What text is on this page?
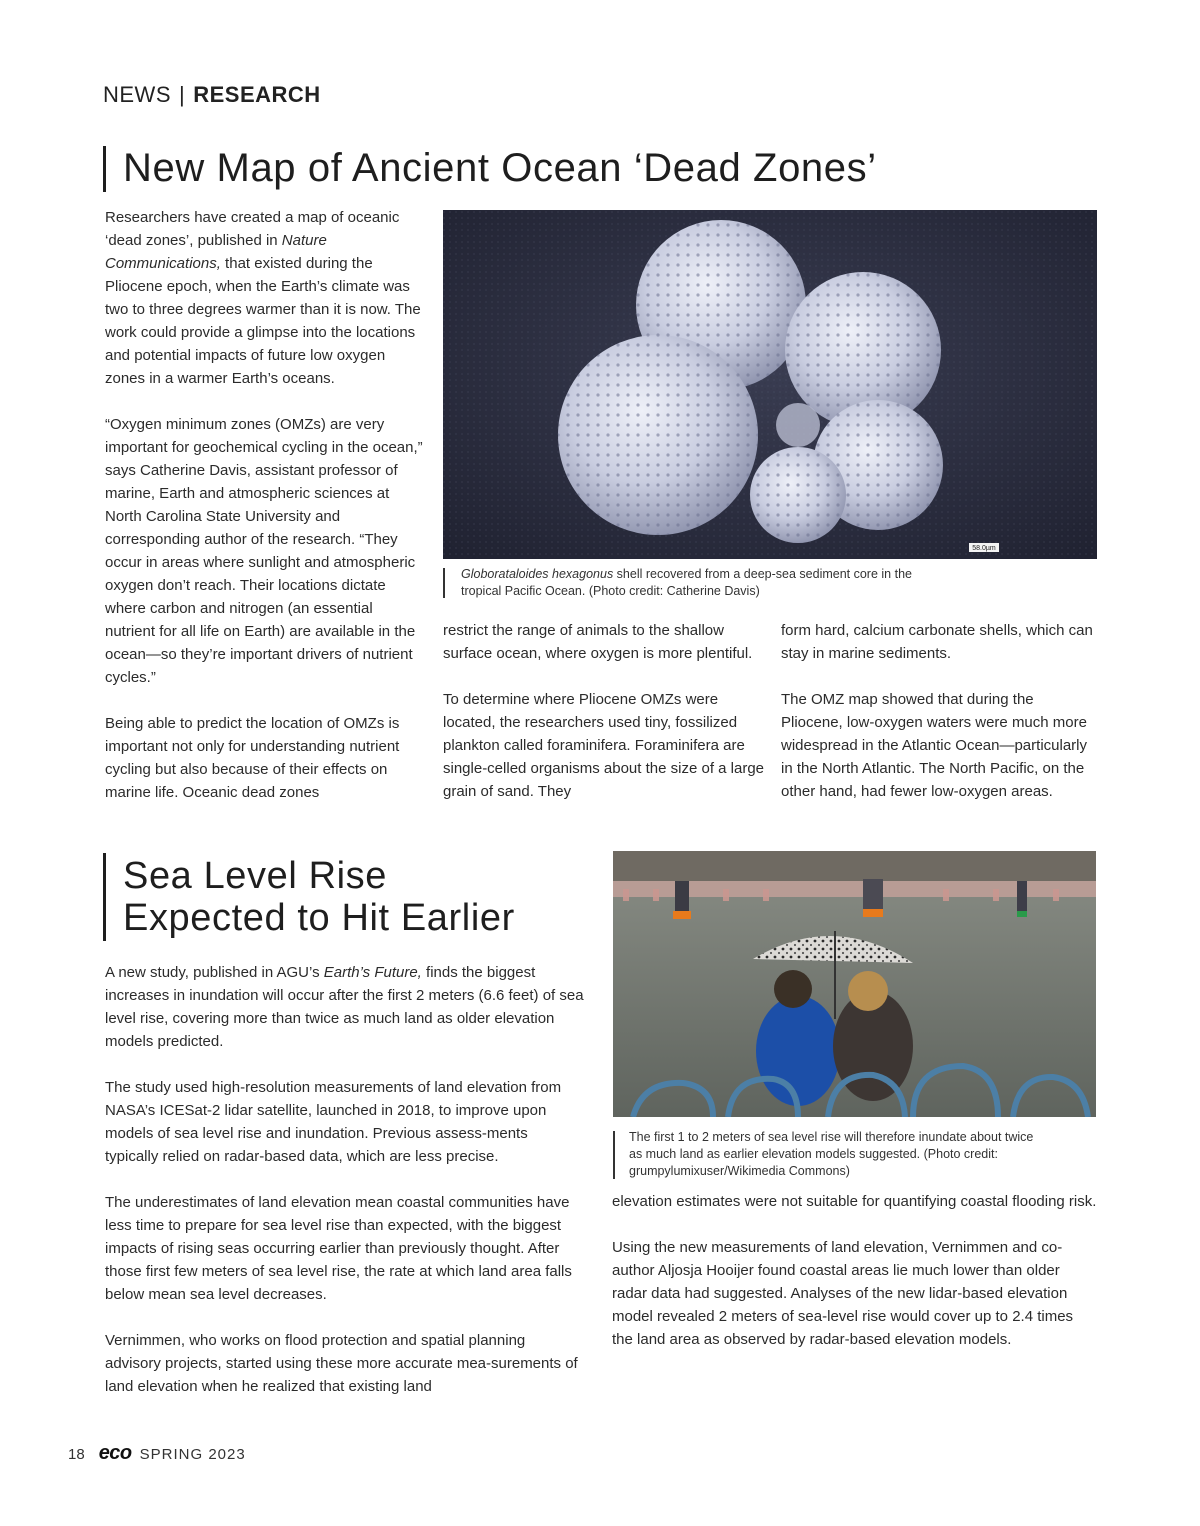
NEWS | RESEARCH
New Map of Ancient Ocean ‘Dead Zones’

Researchers have created a map of oceanic ‘dead zones’, published in Nature Communications, that existed during the Pliocene epoch, when the Earth’s climate was two to three degrees warmer than it is now. The work could provide a glimpse into the locations and potential impacts of future low oxygen zones in a warmer Earth’s oceans.

“Oxygen minimum zones (OMZs) are very important for geochemical cycling in the ocean,” says Catherine Davis, assistant professor of marine, Earth and atmospheric sciences at North Carolina State University and corresponding author of the research. “They occur in areas where sunlight and atmospheric oxygen don’t reach. Their locations dictate where carbon and nitrogen (an essential nutrient for all life on Earth) are available in the ocean—so they’re important drivers of nutrient cycles.”

Being able to predict the location of OMZs is important not only for understanding nutrient cycling but also because of their effects on marine life. Oceanic dead zones

58.0µm
Globorataloides hexagonus shell recovered from a deep-sea sediment core in the tropical Pacific Ocean. (Photo credit: Catherine Davis)

restrict the range of animals to the shallow surface ocean, where oxygen is more plentiful.

To determine where Pliocene OMZs were located, the researchers used tiny, fossilized plankton called foraminifera. Foraminifera are single-celled organisms about the size of a large grain of sand. They

form hard, calcium carbonate shells, which can stay in marine sediments.

The OMZ map showed that during the Pliocene, low-oxygen waters were much more widespread in the Atlantic Ocean—particularly in the North Atlantic. The North Pacific, on the other hand, had fewer low-oxygen areas.

Sea Level Rise
Expected to Hit Earlier

A new study, published in AGU’s Earth’s Future, finds the biggest increases in inundation will occur after the first 2 meters (6.6 feet) of sea level rise, covering more than twice as much land as older elevation models predicted.

The study used high-resolution measurements of land elevation from NASA’s ICESat-2 lidar satellite, launched in 2018, to improve upon models of sea level rise and inundation. Previous assess-ments typically relied on radar-based data, which are less precise.

The underestimates of land elevation mean coastal communities have less time to prepare for sea level rise than expected, with the biggest impacts of rising seas occurring earlier than previously thought. After those first few meters of sea level rise, the rate at which land area falls below mean sea level decreases.

Vernimmen, who works on flood protection and spatial planning advisory projects, started using these more accurate mea-surements of land elevation when he realized that existing land

The first 1 to 2 meters of sea level rise will therefore inundate about twice as much land as earlier elevation models suggested. (Photo credit: grumpylumixuser/Wikimedia Commons)

elevation estimates were not suitable for quantifying coastal flooding risk.

Using the new measurements of land elevation, Vernimmen and co-author Aljosja Hooijer found coastal areas lie much lower than older radar data had suggested. Analyses of the new lidar-based elevation model revealed 2 meters of sea-level rise would cover up to 2.4 times the land area as observed by radar-based elevation models.

18 eco SPRING 2023
